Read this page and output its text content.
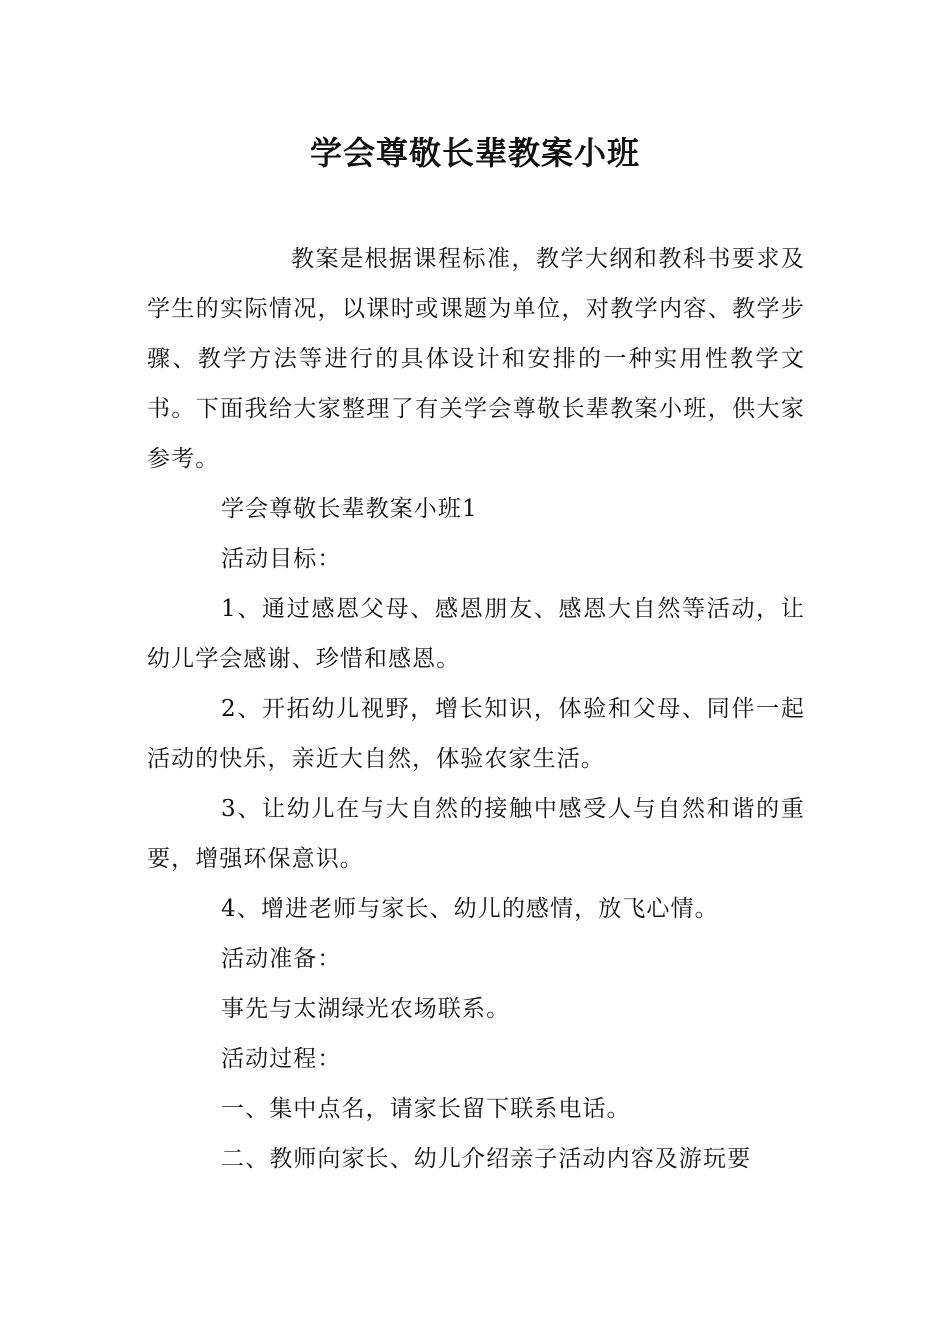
学会尊敬长辈教案小班

教案是根据课程标准，教学大纲和教科书要求及学生的实际情况，以课时或课题为单位，对教学内容、教学步骤、教学方法等进行的具体设计和安排的一种实用性教学文书。下面我给大家整理了有关学会尊敬长辈教案小班，供大家参考。

学会尊敬长辈教案小班1

活动目标：

1、通过感恩父母、感恩朋友、感恩大自然等活动，让幼儿学会感谢、珍惜和感恩。

2、开拓幼儿视野，增长知识，体验和父母、同伴一起活动的快乐，亲近大自然，体验农家生活。

3、让幼儿在与大自然的接触中感受人与自然和谐的重要，增强环保意识。

4、增进老师与家长、幼儿的感情，放飞心情。

活动准备：

事先与太湖绿光农场联系。

活动过程：

一、集中点名，请家长留下联系电话。

二、教师向家长、幼儿介绍亲子活动内容及游玩要
